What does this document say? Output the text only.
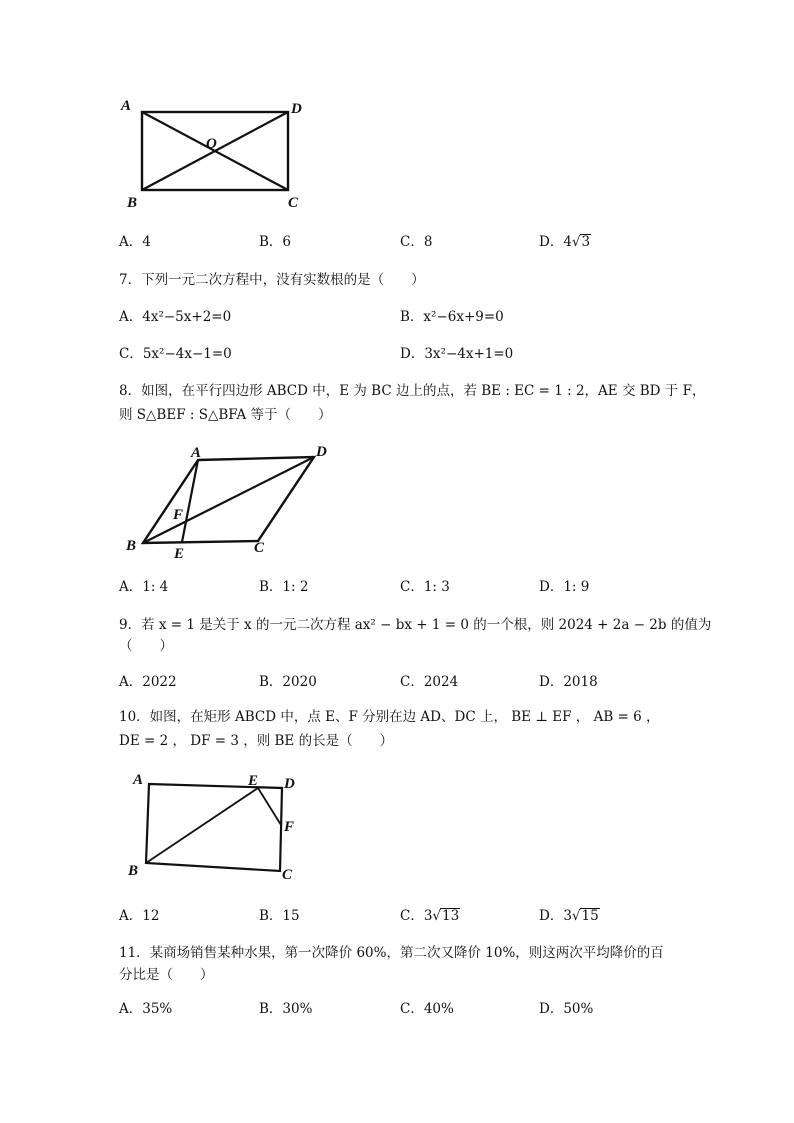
A	D
O
B	C
A．4	B．6	C．8	D．4√3
7．下列一元二次方程中，没有实数根的是（　　）
A．4x²−5x+2=0	B．x²−6x+9=0
C．5x²−4x−1=0	D．3x²−4x+1=0
8．如图，在平行四边形 ABCD 中，E 为 BC 边上的点，若 BE : EC = 1 : 2，AE 交 BD 于 F，
则 S△BEF : S△BFA 等于（　　）
A	D
F
B	E	C
A．1: 4	B．1: 2	C．1: 3	D．1: 9
9．若 x = 1 是关于 x 的一元二次方程 ax² − bx + 1 = 0 的一个根，则 2024 + 2a − 2b 的值为
（　　）
A．2022	B．2020	C．2024	D．2018
10．如图，在矩形 ABCD 中，点 E、F 分别在边 AD、DC 上， BE ⊥ EF ， AB = 6 ，
DE = 2 ， DF = 3 ，则 BE 的长是（　　）
A	E D
F
B	C
A．12	B．15	C．3√13	D．3√15
11．某商场销售某种水果，第一次降价 60%，第二次又降价 10%，则这两次平均降价的百
分比是（　　）
A．35%	B．30%	C．40%	D．50%
